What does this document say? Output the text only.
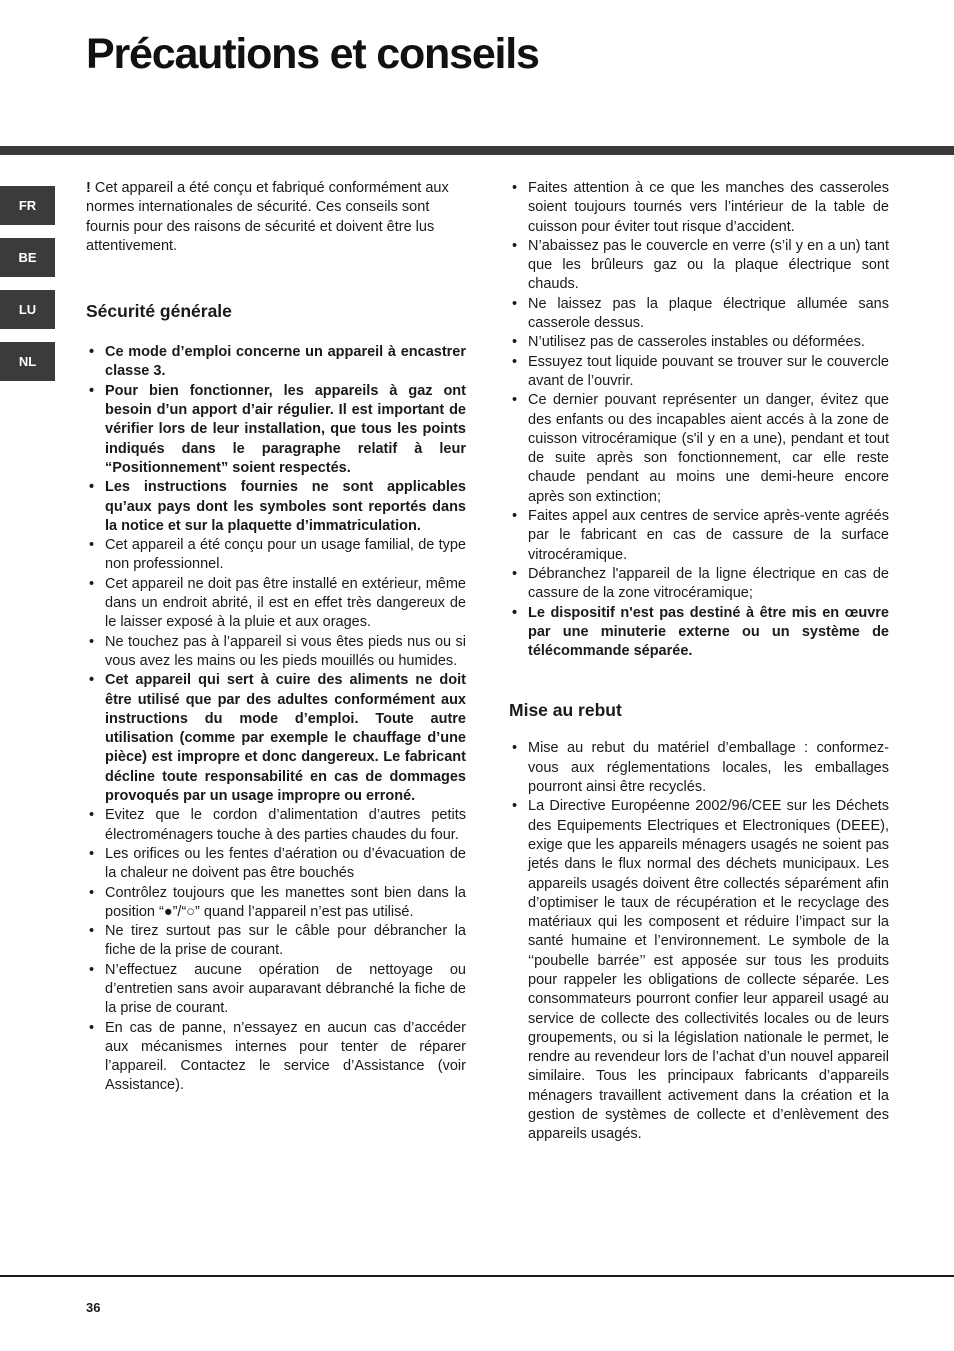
Précautions et conseils
FR
BE
LU
NL

! Cet appareil a été conçu et fabriqué conformément aux normes internationales de sécurité. Ces conseils sont fournis pour des raisons de sécurité et doivent être lus attentivement.

Sécurité générale
• Ce mode d’emploi concerne un appareil à encastrer classe 3.
• Pour bien fonctionner, les appareils à gaz ont besoin d’un apport d’air régulier. Il est important de vérifier lors de leur installation, que tous les points indiqués dans le paragraphe relatif à leur “Positionnement” soient respectés.
• Les instructions fournies ne sont applicables qu’aux pays dont les symboles sont reportés dans la notice et sur la plaquette d’immatriculation.
• Cet appareil a été conçu pour un usage familial, de type non professionnel.
• Cet appareil ne doit pas être installé en extérieur, même dans un endroit abrité, il est en effet très dangereux de le laisser exposé à la pluie et aux orages.
• Ne touchez pas à l’appareil si vous êtes pieds nus ou si vous avez les mains ou les pieds mouillés ou humides.
• Cet appareil qui sert à cuire des aliments ne doit être utilisé que par des adultes conformément aux instructions du mode d’emploi. Toute autre utilisation (comme par exemple le chauffage d’une pièce) est impropre et donc dangereux. Le fabricant décline toute responsabilité en cas de dommages provoqués par un usage impropre ou erroné.
• Evitez que le cordon d’alimentation d’autres petits électroménagers touche à des parties chaudes du four.
• Les orifices ou les fentes d’aération ou d’évacuation de la chaleur ne doivent pas être bouchés
• Contrôlez toujours que les manettes sont bien dans la position “●”/“○” quand l’appareil n’est pas utilisé.
• Ne tirez surtout pas sur le câble pour débrancher la fiche de la prise de courant.
• N’effectuez aucune opération de nettoyage ou d’entretien sans avoir auparavant débranché la fiche de la prise de courant.
• En cas de panne, n’essayez en aucun cas d’accéder aux mécanismes internes pour tenter de réparer l’appareil. Contactez le service d’Assistance (voir Assistance).
• Faites attention à ce que les manches des casseroles soient toujours tournés vers l’intérieur de la table de cuisson pour éviter tout risque d’accident.
• N’abaissez pas le couvercle en verre (s’il y en a un) tant que les brûleurs gaz ou la plaque électrique sont chauds.
• Ne laissez pas la plaque électrique allumée sans casserole dessus.
• N’utilisez pas de casseroles instables ou déformées.
• Essuyez tout liquide pouvant se trouver sur le couvercle avant de l’ouvrir.
• Ce dernier pouvant représenter un danger, évitez que des enfants ou des incapables aient accés à la zone de cuisson vitrocéramique (s'il y en a une), pendant et tout de suite après son fonctionnement, car elle reste chaude pendant au moins une demi-heure encore après son extinction;
• Faites appel aux centres de service après-vente agréés par le fabricant en cas de cassure de la surface vitrocéramique.
• Débranchez l'appareil de la ligne électrique en cas de cassure de la zone vitrocéramique;
• Le dispositif n'est pas destiné à être mis en œuvre par une minuterie externe ou un système de télécommande séparée.
Mise au rebut
• Mise au rebut du matériel d’emballage : conformez-vous aux réglementations locales, les emballages pourront ainsi être recyclés.
• La Directive Européenne 2002/96/CEE sur les Déchets des Equipements Electriques et Electroniques (DEEE), exige que les appareils ménagers usagés ne soient pas jetés dans le flux normal des déchets municipaux. Les appareils usagés doivent être collectés séparément afin d’optimiser le taux de récupération et le recyclage des matériaux qui les composent et réduire l’impact sur la santé humaine et l’environnement. Le symbole de la ‘‘poubelle barrée’’ est apposée sur tous les produits pour rappeler les obligations de collecte séparée. Les consommateurs pourront confier leur appareil usagé au service de collecte des collectivités locales ou de leurs groupements, ou si la législation nationale le permet, le rendre au revendeur lors de l’achat d’un nouvel appareil similaire. Tous les principaux fabricants d’appareils ménagers travaillent activement dans la création et la gestion de systèmes de collecte et d’enlèvement des appareils usagés.
36
